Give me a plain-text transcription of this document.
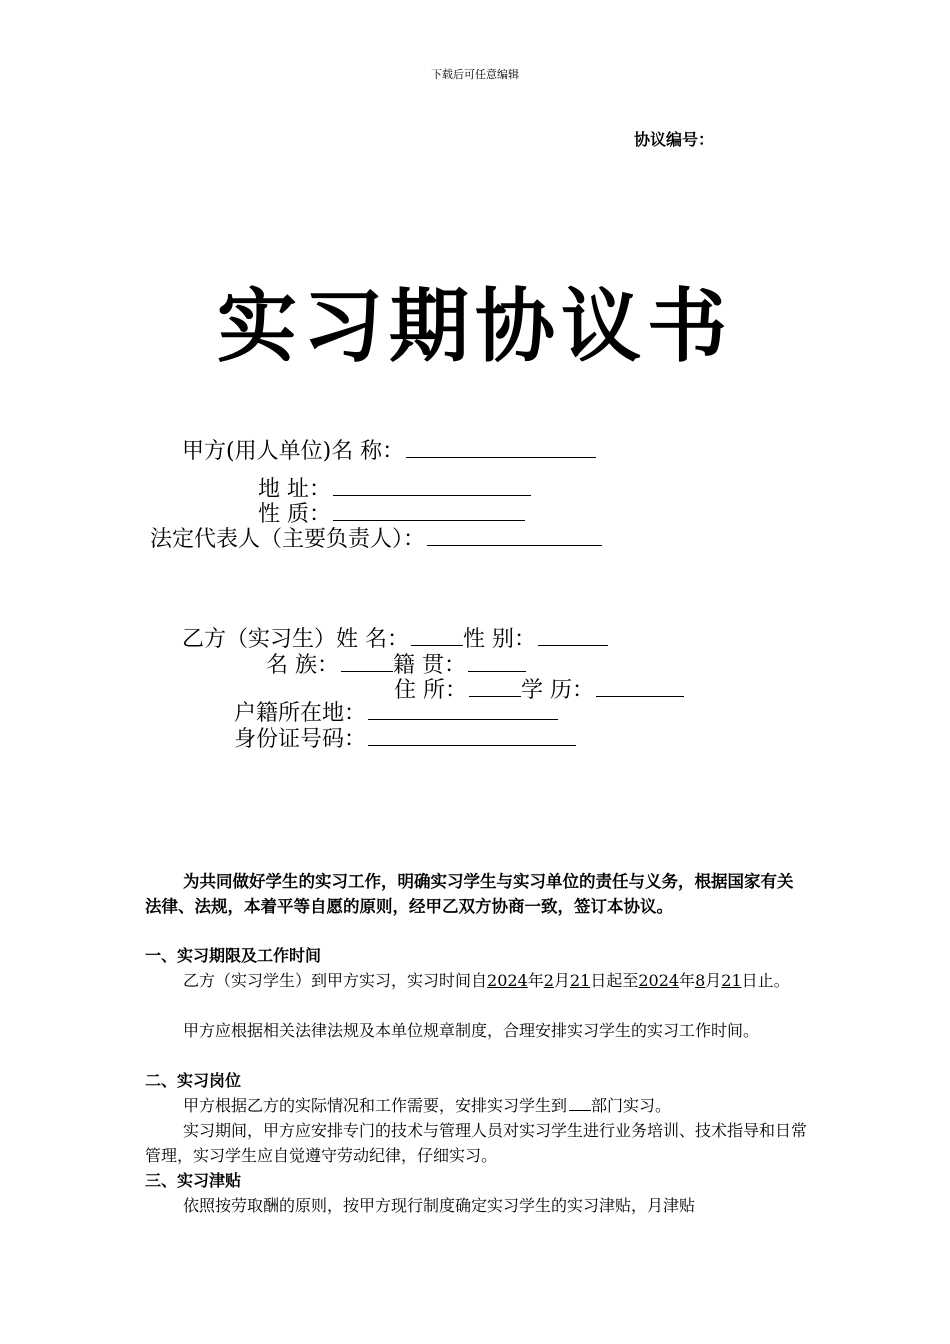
下载后可任意编辑
协议编号：
实习期协议书
甲方(用人单位)名 称：
地 址：
性 质：
法定代表人（主要负责人）：
乙方（实习生）姓 名： 性 别：
名 族： 籍 贯：
住 所： 学 历：
户籍所在地：
身份证号码：
为共同做好学生的实习工作，明确实习学生与实习单位的责任与义务，根据国家有关法律、法规，本着平等自愿的原则，经甲乙双方协商一致，签订本协议。
一、实习期限及工作时间
乙方（实习学生）到甲方实习，实习时间自2024年2月21日起至2024年8月21日止。
甲方应根据相关法律法规及本单位规章制度，合理安排实习学生的实习工作时间。
二、实习岗位
甲方根据乙方的实际情况和工作需要，安排实习学生到 部门实习。
实习期间，甲方应安排专门的技术与管理人员对实习学生进行业务培训、技术指导和日常管理，实习学生应自觉遵守劳动纪律，仔细实习。
三、实习津贴
依照按劳取酬的原则，按甲方现行制度确定实习学生的实习津贴，月津贴
